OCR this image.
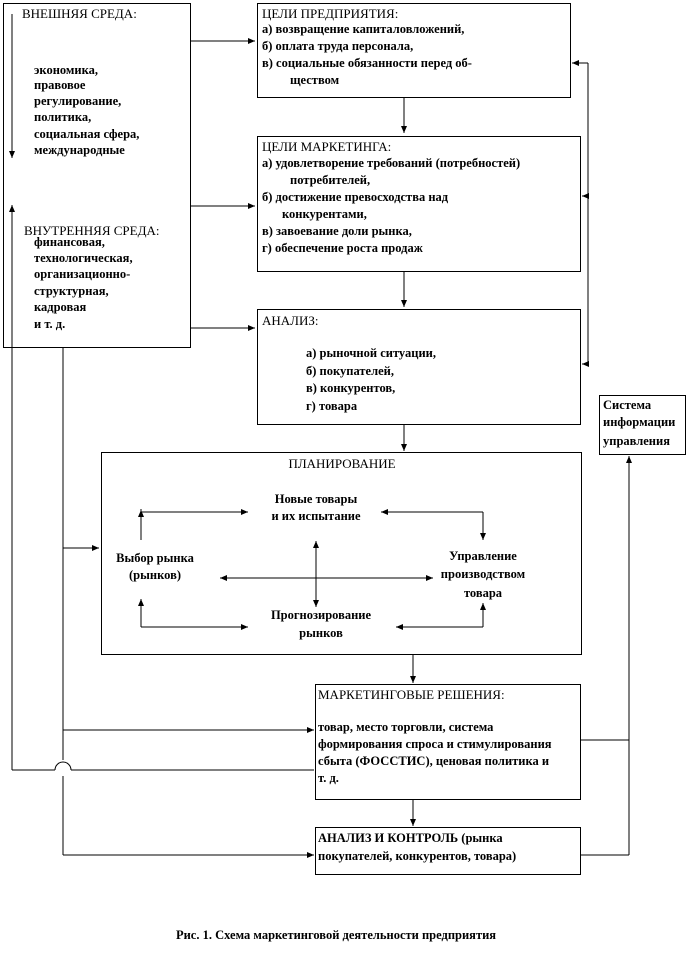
ВНЕШНЯЯ СРЕДА:
экономика,
правовое
регулирование,
политика,
социальная сфера,
международные
ВНУТРЕННЯЯ СРЕДА:
финансовая,
технологическая,
организационно-
структурная,
кадровая
и т. д.
ЦЕЛИ ПРЕДПРИЯТИЯ:
а) возвращение капиталовложений,
б) оплата труда персонала,
в) социальные обязанности перед об-
ществом
ЦЕЛИ МАРКЕТИНГА:
а) удовлетворение требований (потребностей)
потребителей,
б) достижение превосходства над
конкурентами,
в) завоевание доли рынка,
г) обеспечение роста продаж
АНАЛИЗ:
а) рыночной ситуации,
б) покупателей,
в) конкурентов,
г) товара	Система
информации
управления
ПЛАНИРОВАНИЕ
Новые товары
и их испытание
Выбор рынка
(рынков)
Управление
производством
товара
Прогнозирование
рынков
МАРКЕТИНГОВЫЕ РЕШЕНИЯ:
товар, место торговли, система
формирования спроса и стимулирования
сбыта (ФОССТИС), ценовая политика и
т. д.
АНАЛИЗ И КОНТРОЛЬ (рынка
покупателей, конкурентов, товара)
Рис. 1. Схема маркетинговой деятельности предприятия
